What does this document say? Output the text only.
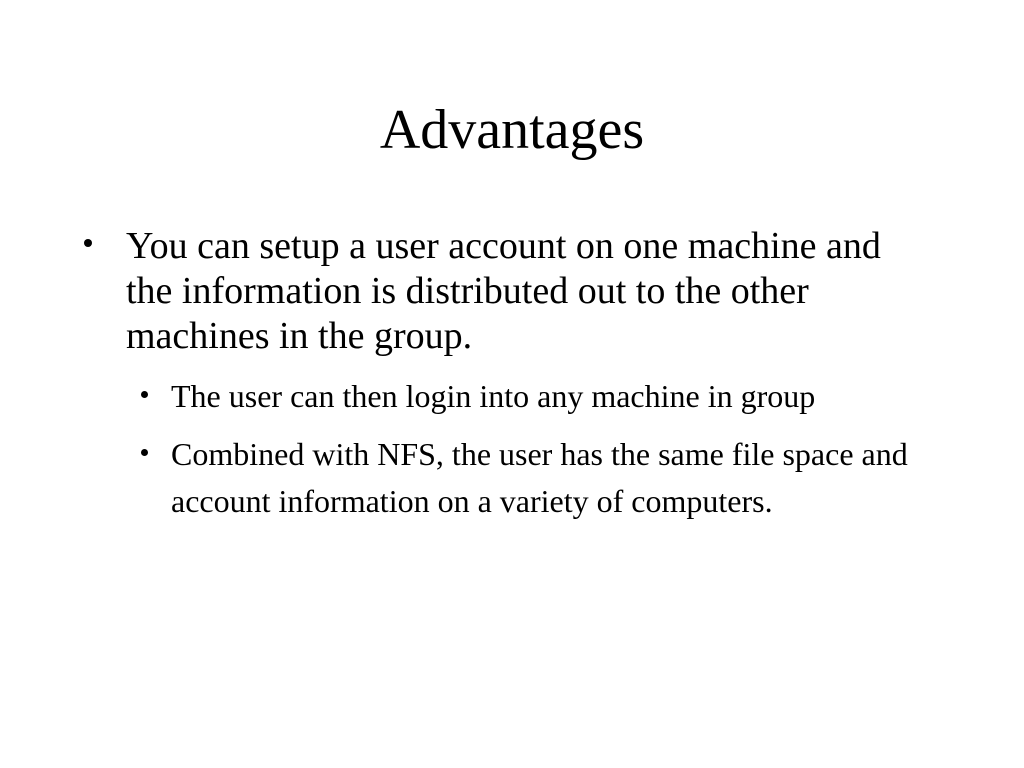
Advantages
You can setup a user account on one machine and the information is distributed out to the other machines in the group.
The user can then login into any machine in group
Combined with NFS, the user has the same file space and account information on a variety of computers.
